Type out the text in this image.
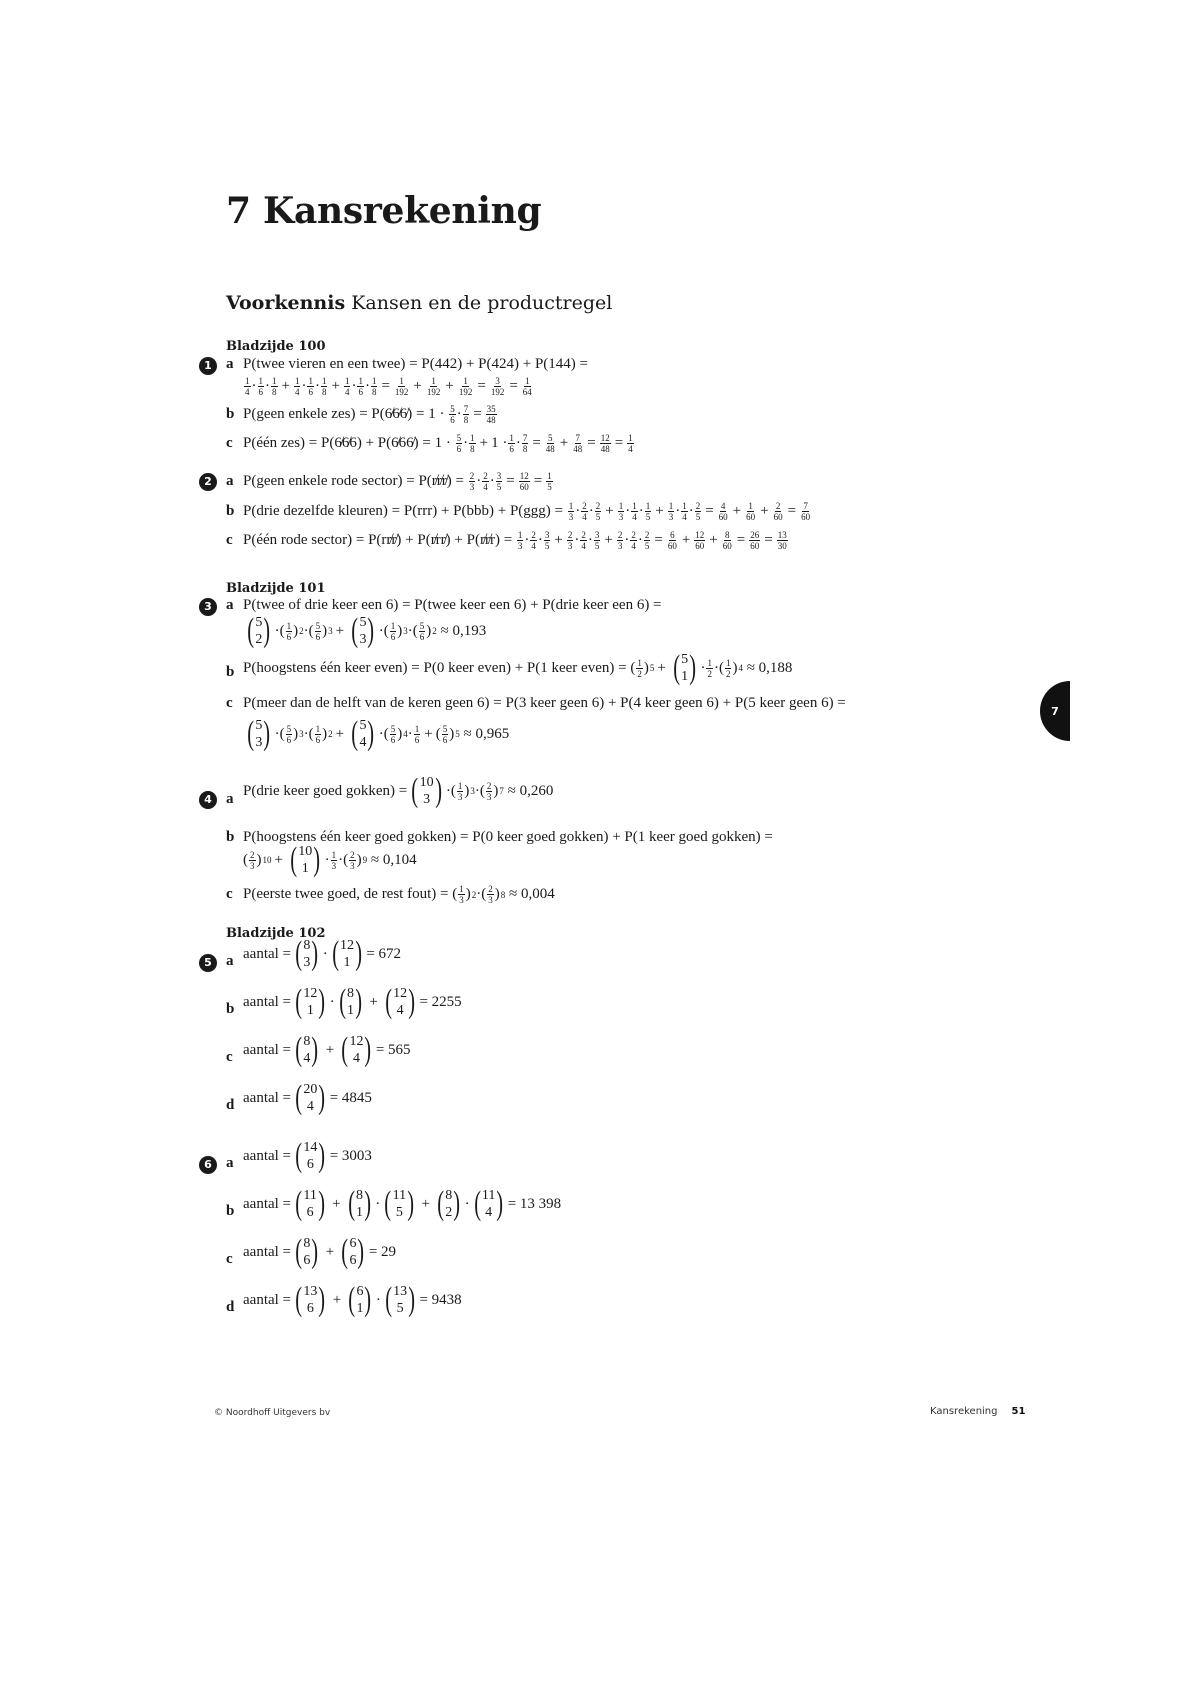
7 Kansrekening
Voorkennis Kansen en de productregel
Bladzijde 100
1 a P(twee vieren en een twee) = P(442) + P(424) + P(144) =
$\frac{1}{4} \cdot \frac{1}{6} \cdot \frac{1}{8} + \frac{1}{4} \cdot \frac{1}{6} \cdot \frac{1}{8} + \frac{1}{4} \cdot \frac{1}{6} \cdot \frac{1}{8} = \frac{1}{192} + \frac{1}{192} + \frac{1}{192} = \frac{3}{192} = \frac{1}{64}$
b P(geen enkele zes) = P(6̸6̸6̸) = 1 ·
$\frac{5}{6} \cdot \frac{7}{8} = \frac{35}{48}$
c P(één zes) = P(6̸6̸6) + P(6̸66̸) = 1 ·
$\frac{5}{6} \cdot \frac{1}{8} + 1 \cdot \frac{1}{6} \cdot \frac{7}{8} = \frac{5}{48} + \frac{7}{48} = \frac{12}{48} = \frac{1}{4}$
2 a P(geen enkele rode sector) = P(r̸r̸r̸) =
$\frac{2}{3} \cdot \frac{2}{4} \cdot \frac{3}{5} = \frac{12}{60} = \frac{1}{5}$
b P(drie dezelfde kleuren) = P(rrr) + P(bbb) + P(ggg) =
$\frac{1}{3} \cdot \frac{2}{4} \cdot \frac{2}{5} + \frac{1}{3} \cdot \frac{1}{4} \cdot \frac{1}{5} + \frac{1}{3} \cdot \frac{1}{4} \cdot \frac{2}{5} = \frac{4}{60} + \frac{1}{60} + \frac{2}{60} = \frac{7}{60}$
c P(één rode sector) = P(rr̸r̸) + P(r̸rr̸) + P(r̸r̸r) =
$\frac{1}{3} \cdot \frac{2}{4} \cdot \frac{3}{5} + \frac{2}{3} \cdot \frac{2}{4} \cdot \frac{3}{5} + \frac{2}{3} \cdot \frac{2}{4} \cdot \frac{2}{5} = \frac{6}{60} + \frac{12}{60} + \frac{8}{60} = \frac{26}{60} = \frac{13}{30}$
Bladzijde 101
3 a P(twee of drie keer een 6) = P(twee keer een 6) + P(drie keer een 6) =
( 5
2 ) ·( $\frac{1}{6}$ ) 2 ·( $\frac{5}{6}$ ) 3 + ( 5
3 ) ·( $\frac{1}{6}$ ) 3 ·( $\frac{5}{6}$ ) 2
≈ 0,193
b P(hoogstens één keer even) = P(0 keer even) + P(1 keer even) = ( $\frac{1}{2}$ ) 5 + ( 5
1 ) · $\frac{1}{2}$ ·( $\frac{1}{2}$ ) 4
≈ 0,188
c P(meer dan de helft van de keren geen 6) = P(3 keer geen 6) + P(4 keer geen 6) + P(5 keer geen 6) =
( 5
3 ) ·( $\frac{5}{6}$ ) 3 ·( $\frac{1}{6}$ ) 2 + ( 5
4 ) ·( $\frac{5}{6}$ ) $4 \cdot \frac{1}{6}$ + ( $\frac{5}{6}$ ) 5
≈ 0,965
4 a
P(drie keer goed gokken) = ( 10
3 ) ·( $\frac{1}{3}$ ) 3 ·( $\frac{2}{3}$ ) 7
≈ 0,260
b P(hoogstens één keer goed gokken) = P(0 keer goed gokken) + P(1 keer goed gokken) =
( $\frac{2}{3}$ ) 10 + ( 10
1 ) · $\frac{1}{3}$ ·( $\frac{2}{3}$ ) 9
≈ 0,104
c P(eerste twee goed, de rest fout) = ( $\frac{1}{3}$ ) 2 ·( $\frac{2}{3}$ ) 8
≈ 0,004
Bladzijde 102
5 a aantal = ( 8
3 ) · ( 12
1 ) = 672
b aantal = ( 12
1 ) · ( 8
1 ) + ( 12
4 ) = 2255
c aantal = ( 8
4 ) + ( 12
4 ) = 565
d aantal = ( 20
4 ) = 4845
6 a aantal = ( 14
6 ) = 3003
b aantal = ( 11
6 ) + ( 8
1 ) · ( 11
5 ) + ( 8
2 ) · ( 11
4 ) = 13 398
c aantal = ( 8
6 ) + ( 6
6 ) = 29
d aantal = ( 13
6 ) + ( 6
1 ) · ( 13
5 ) = 9438
7
© Noordhoff Uitgevers bv	Kansrekening 51
